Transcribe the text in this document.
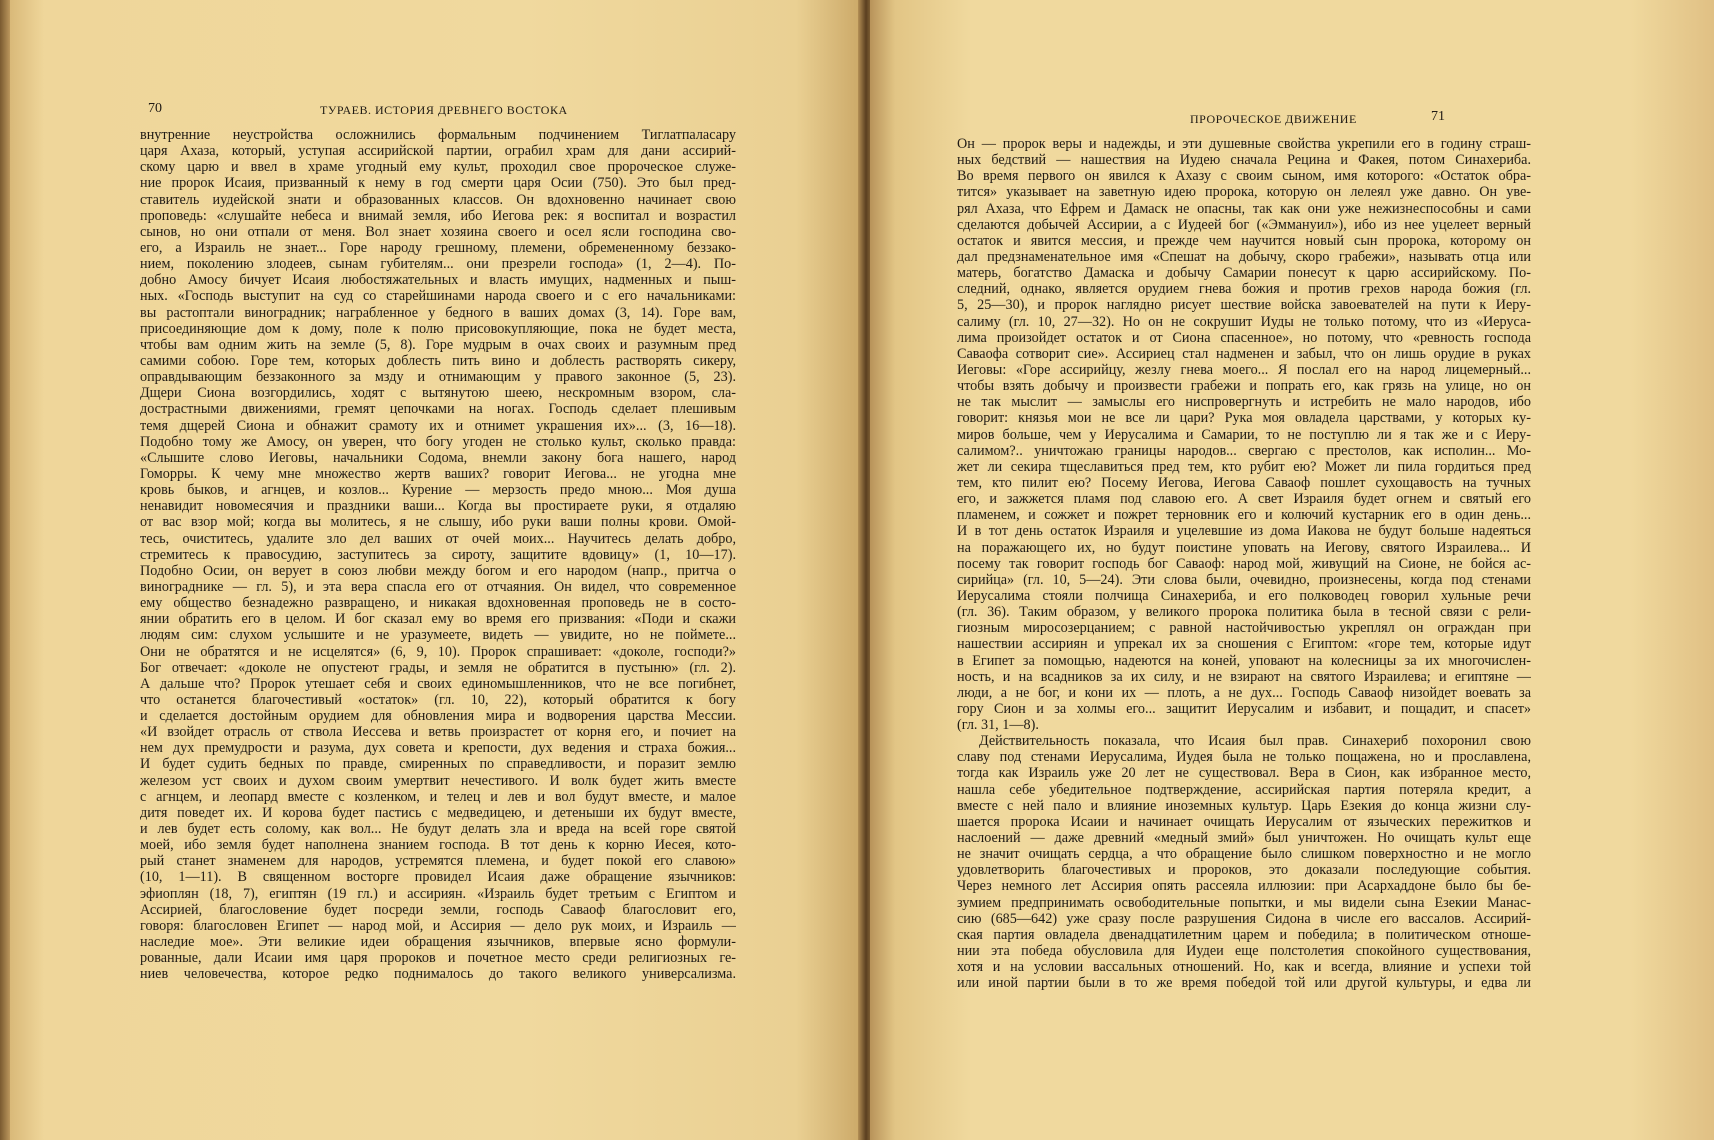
70	ТУРАЕВ. ИСТОРИЯ ДРЕВНЕГО ВОСТОКА
внутренние неустройства осложнились формальным подчинением Тиглатпаласару
царя Ахаза, который, уступая ассирийской партии, ограбил храм для дани ассирий-
скому царю и ввел в храме угодный ему культ, проходил свое пророческое служе-
ние пророк Исаия, призванный к нему в год смерти царя Осии (750). Это был пред-
ставитель иудейской знати и образованных классов. Он вдохновенно начинает свою
проповедь: «слушайте небеса и внимай земля, ибо Иегова рек: я воспитал и возрастил
сынов, но они отпали от меня. Вол знает хозяина своего и осел ясли господина сво-
его, а Израиль не знает... Горе народу грешному, племени, обремененному беззако-
нием, поколению злодеев, сынам губителям... они презрели господа» (1, 2—4). По-
добно Амосу бичует Исаия любостяжательных и власть имущих, надменных и пыш-
ных. «Господь выступит на суд со старейшинами народа своего и с его начальниками:
вы растоптали виноградник; награбленное у бедного в ваших домах (3, 14). Горе вам,
присоединяющие дом к дому, поле к полю присовокупляющие, пока не будет места,
чтобы вам одним жить на земле (5, 8). Горе мудрым в очах своих и разумным пред
самими собою. Горе тем, которых доблесть пить вино и доблесть растворять сикеру,
оправдывающим беззаконного за мзду и отнимающим у правого законное (5, 23).
Дщери Сиона возгордились, ходят с вытянутою шеею, нескромным взором, сла-
дострастными движениями, гремят цепочками на ногах. Господь сделает плешивым
темя дщерей Сиона и обнажит срамоту их и отнимет украшения их»... (3, 16—18).
Подобно тому же Амосу, он уверен, что богу угоден не столько культ, сколько правда:
«Слышите слово Иеговы, начальники Содома, внемли закону бога нашего, народ
Гоморры. К чему мне множество жертв ваших? говорит Иегова... не угодна мне
кровь быков, и агнцев, и козлов... Курение — мерзость предо мною... Моя душа
ненавидит новомесячия и праздники ваши... Когда вы простираете руки, я отдаляю
от вас взор мой; когда вы молитесь, я не слышу, ибо руки ваши полны крови. Омой-
тесь, очиститесь, удалите зло дел ваших от очей моих... Научитесь делать добро,
стремитесь к правосудию, заступитесь за сироту, защитите вдовицу» (1, 10—17).
Подобно Осии, он верует в союз любви между богом и его народом (напр., притча о
винограднике — гл. 5), и эта вера спасла его от отчаяния. Он видел, что современное
ему общество безнадежно развращено, и никакая вдохновенная проповедь не в состо-
янии обратить его в целом. И бог сказал ему во время его призвания: «Поди и скажи
людям сим: слухом услышите и не уразумеете, видеть — увидите, но не поймете...
Они не обратятся и не исцелятся» (6, 9, 10). Пророк спрашивает: «доколе, господи?»
Бог отвечает: «доколе не опустеют грады, и земля не обратится в пустыню» (гл. 2).
А дальше что? Пророк утешает себя и своих единомышленников, что не все погибнет,
что останется благочестивый «остаток» (гл. 10, 22), который обратится к богу
и сделается достойным орудием для обновления мира и водворения царства Мессии.
«И взойдет отрасль от ствола Иессева и ветвь произрастет от корня его, и почиет на
нем дух премудрости и разума, дух совета и крепости, дух ведения и страха божия...
И будет судить бедных по правде, смиренных по справедливости, и поразит землю
железом уст своих и духом своим умертвит нечестивого. И волк будет жить вместе
с агнцем, и леопард вместе с козленком, и телец и лев и вол будут вместе, и малое
дитя поведет их. И корова будет пастись с медведицею, и детеныши их будут вместе,
и лев будет есть солому, как вол... Не будут делать зла и вреда на всей горе святой
моей, ибо земля будет наполнена знанием господа. В тот день к корню Иесея, кото-
рый станет знаменем для народов, устремятся племена, и будет покой его славою»
(10, 1—11). В священном восторге провидел Исаия даже обращение язычников:
эфиоплян (18, 7), египтян (19 гл.) и ассириян. «Израиль будет третьим с Египтом и
Ассирией, благословение будет посреди земли, господь Саваоф благословит его,
говоря: благословен Египет — народ мой, и Ассирия — дело рук моих, и Израиль —
наследие мое». Эти великие идеи обращения язычников, впервые ясно формули-
рованные, дали Исаии имя царя пророков и почетное место среди религиозных ге-
ниев человечества, которое редко поднималось до такого великого универсализма.
ПРОРОЧЕСКОЕ ДВИЖЕНИЕ	71
Он — пророк веры и надежды, и эти душевные свойства укрепили его в годину страш-
ных бедствий — нашествия на Иудею сначала Рецина и Факея, потом Синахериба.
Во время первого он явился к Ахазу с своим сыном, имя которого: «Остаток обра-
тится» указывает на заветную идею пророка, которую он лелеял уже давно. Он уве-
рял Ахаза, что Ефрем и Дамаск не опасны, так как они уже нежизнеспособны и сами
сделаются добычей Ассирии, а с Иудеей бог («Эммануил»), ибо из нее уцелеет верный
остаток и явится мессия, и прежде чем научится новый сын пророка, которому он
дал предзнаменательное имя «Спешат на добычу, скоро грабежи», называть отца или
матерь, богатство Дамаска и добычу Самарии понесут к царю ассирийскому. По-
следний, однако, является орудием гнева божия и против грехов народа божия (гл.
5, 25—30), и пророк наглядно рисует шествие войска завоевателей на пути к Иеру-
салиму (гл. 10, 27—32). Но он не сокрушит Иуды не только потому, что из «Иеруса-
лима произойдет остаток и от Сиона спасенное», но потому, что «ревность господа
Саваофа сотворит сие». Ассириец стал надменен и забыл, что он лишь орудие в руках
Иеговы: «Горе ассирийцу, жезлу гнева моего... Я послал его на народ лицемерный...
чтобы взять добычу и произвести грабежи и попрать его, как грязь на улице, но он
не так мыслит — замыслы его ниспровергнуть и истребить не мало народов, ибо
говорит: князья мои не все ли цари? Рука моя овладела царствами, у которых ку-
миров больше, чем у Иерусалима и Самарии, то не поступлю ли я так же и с Иеру-
салимом?.. уничтожаю границы народов... свергаю с престолов, как исполин... Мо-
жет ли секира тщеславиться пред тем, кто рубит ею? Может ли пила гордиться пред
тем, кто пилит ею? Посему Иегова, Иегова Саваоф пошлет сухощавость на тучных
его, и зажжется пламя под славою его. А свет Израиля будет огнем и святый его
пламенем, и сожжет и пожрет терновник его и колючий кустарник его в один день...
И в тот день остаток Израиля и уцелевшие из дома Иакова не будут больше надеяться
на поражающего их, но будут поистине уповать на Иегову, святого Израилева... И
посему так говорит господь бог Саваоф: народ мой, живущий на Сионе, не бойся ас-
сирийца» (гл. 10, 5—24). Эти слова были, очевидно, произнесены, когда под стенами
Иерусалима стояли полчища Синахериба, и его полководец говорил хульные речи
(гл. 36). Таким образом, у великого пророка политика была в тесной связи с рели-
гиозным миросозерцанием; с равной настойчивостью укреплял он ограждан при
нашествии ассириян и упрекал их за сношения с Египтом: «горе тем, которые идут
в Египет за помощью, надеются на коней, уповают на колесницы за их многочислен-
ность, и на всадников за их силу, и не взирают на святого Израилева; и египтяне —
люди, а не бог, и кони их — плоть, а не дух... Господь Саваоф низойдет воевать за
гору Сион и за холмы его... защитит Иерусалим и избавит, и пощадит, и спасет»
(гл. 31, 1—8).
Действительность показала, что Исаия был прав. Синахериб похоронил свою
славу под стенами Иерусалима, Иудея была не только пощажена, но и прославлена,
тогда как Израиль уже 20 лет не существовал. Вера в Сион, как избранное место,
нашла себе убедительное подтверждение, ассирийская партия потеряла кредит, а
вместе с ней пало и влияние иноземных культур. Царь Езекия до конца жизни слу-
шается пророка Исаии и начинает очищать Иерусалим от языческих пережитков и
наслоений — даже древний «медный змий» был уничтожен. Но очищать культ еще
не значит очищать сердца, а что обращение было слишком поверхностно и не могло
удовлетворить благочестивых и пророков, это доказали последующие события.
Через немного лет Ассирия опять рассеяла иллюзии: при Асархаддоне было бы бе-
зумием предпринимать освободительные попытки, и мы видели сына Езекии Манас-
сию (685—642) уже сразу после разрушения Сидона в числе его вассалов. Ассирий-
ская партия овладела двенадцатилетним царем и победила; в политическом отноше-
нии эта победа обусловила для Иудеи еще полстолетия спокойного существования,
хотя и на условии вассальных отношений. Но, как и всегда, влияние и успехи той
или иной партии были в то же время победой той или другой культуры, и едва ли
